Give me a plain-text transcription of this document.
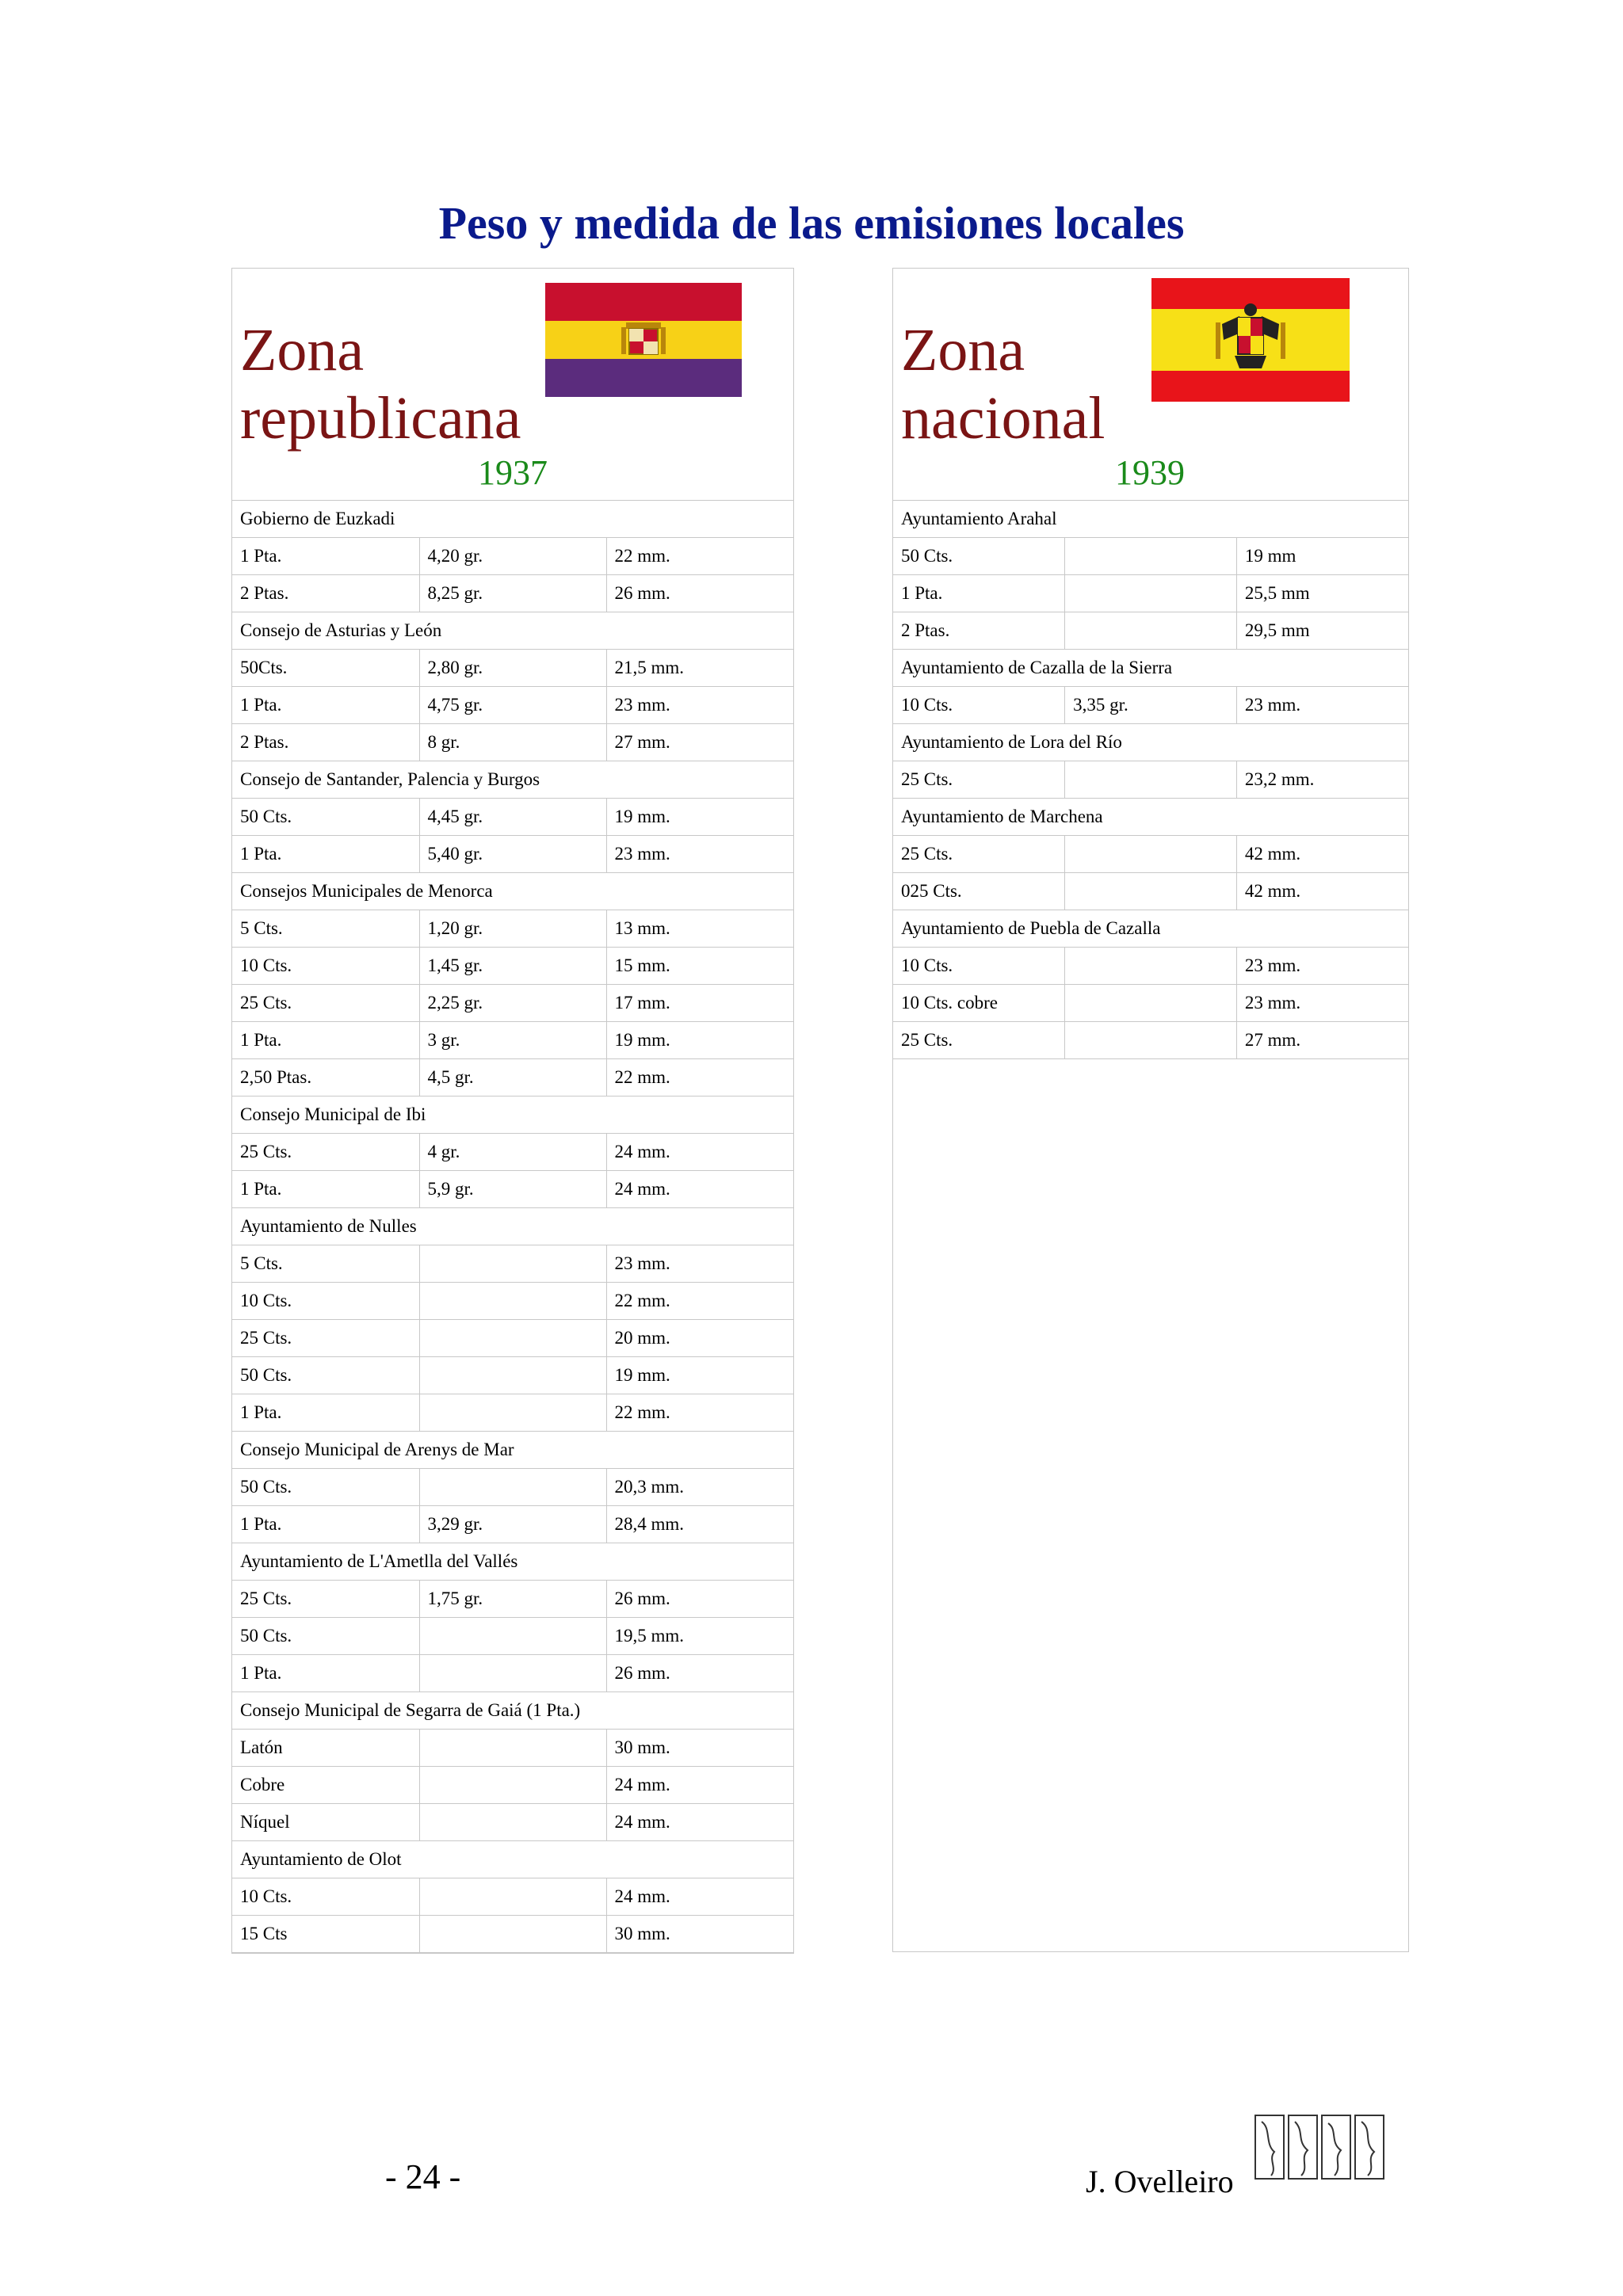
Peso y medida de las emisiones locales
Zona
republicana
1937
Gobierno de Euzkadi		
1 Pta.	4,20 gr.	22 mm.
2 Ptas.	8,25 gr.	26 mm.
Consejo de Asturias y León		
50Cts.	2,80 gr.	21,5 mm.
1 Pta.	4,75 gr.	23 mm.
2 Ptas.	8 gr.	27 mm.
Consejo de Santander, Palencia y Burgos		
50 Cts.	4,45 gr.	19 mm.
1 Pta.	5,40 gr.	23 mm.
Consejos Municipales de Menorca		
5 Cts.	1,20 gr.	13 mm.
10 Cts.	1,45 gr.	15 mm.
25 Cts.	2,25 gr.	17 mm.
1 Pta.	3 gr.	19 mm.
2,50 Ptas.	4,5 gr.	22 mm.
Consejo Municipal de Ibi		
25 Cts.	4 gr.	24 mm.
1 Pta.	5,9 gr.	24 mm.
Ayuntamiento de Nulles		
5 Cts.		23 mm.
10 Cts.		22 mm.
25 Cts.		20 mm.
50 Cts.		19 mm.
1 Pta.		22 mm.
Consejo Municipal de Arenys de Mar		
50 Cts.		20,3 mm.
1 Pta.	3,29 gr.	28,4 mm.
Ayuntamiento de L'Ametlla del Vallés		
25 Cts.	1,75 gr.	26 mm.
50 Cts.		19,5 mm.
1 Pta.		26 mm.
Consejo Municipal de Segarra de Gaiá (1 Pta.)		
Latón		30 mm.
Cobre		24 mm.
Níquel		24 mm.
Ayuntamiento de Olot		
10 Cts.		24 mm.
15 Cts		30 mm.
Zona
nacional
1939
Ayuntamiento Arahal		
50 Cts.		19 mm
1 Pta.		25,5 mm
2 Ptas.		29,5 mm
Ayuntamiento de Cazalla de la Sierra		
10 Cts.	3,35 gr.	23 mm.
Ayuntamiento de Lora del Río		
25 Cts.		23,2 mm.
Ayuntamiento de Marchena		
25 Cts.		42 mm.
025 Cts.		42 mm.
Ayuntamiento de Puebla de Cazalla		
10 Cts.		23 mm.
10 Cts. cobre		23 mm.
25 Cts.		27 mm.
- 24 -	J. Ovelleiro
